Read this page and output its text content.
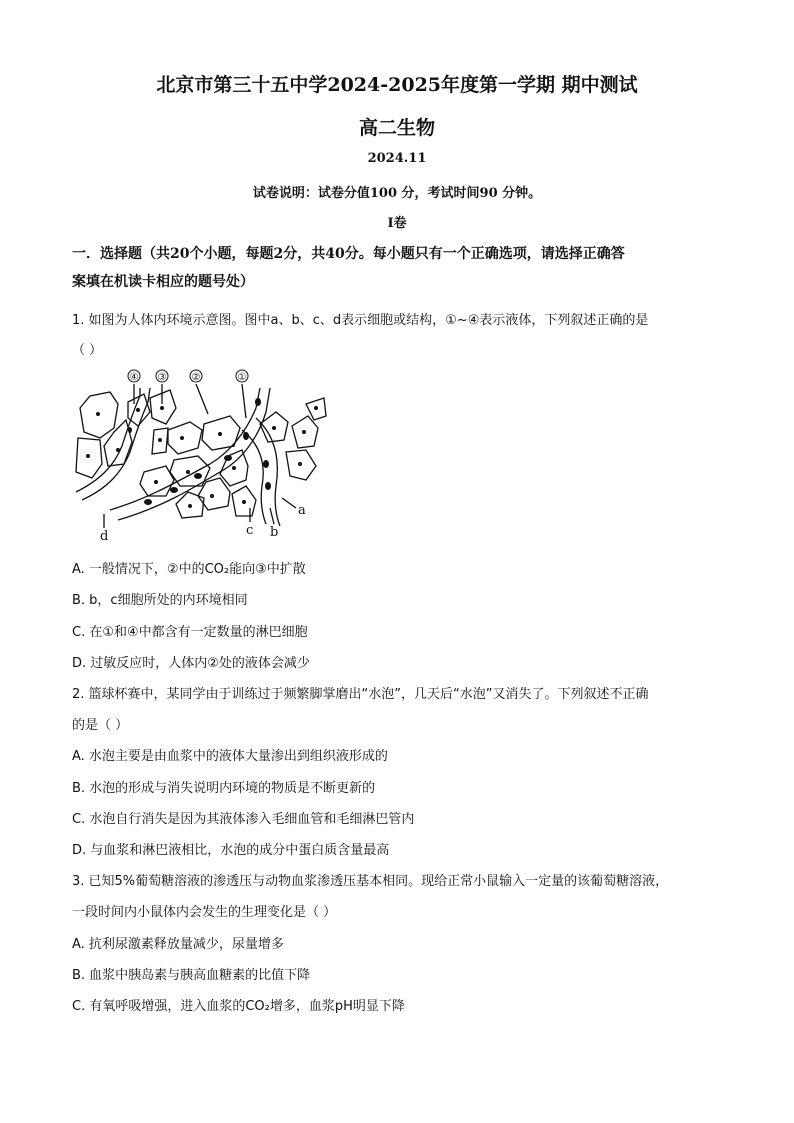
北京市第三十五中学2024-2025年度第一学期 期中测试
高二生物
2024.11
试卷说明：试卷分值100 分，考试时间90 分钟。
I卷
一．选择题（共20个小题，每题2分，共40分。每小题只有一个正确选项，请选择正确答
案填在机读卡相应的题号处）
1. 如图为人体内环境示意图。图中a、b、c、d表示细胞或结构，①~④表示液体，下列叙述正确的是
（ ）
④ ③	②	①
a
b
c
d
A. 一般情况下，②中的CO₂能向③中扩散
B. b，c细胞所处的内环境相同
C. 在①和④中都含有一定数量的淋巴细胞
D. 过敏反应时，人体内②处的液体会减少
2. 篮球杯赛中，某同学由于训练过于频繁脚掌磨出“水泡”，几天后“水泡”又消失了。下列叙述不正确
的是（ ）
A. 水泡主要是由血浆中的液体大量渗出到组织液形成的
B. 水泡的形成与消失说明内环境的物质是不断更新的
C. 水泡自行消失是因为其液体渗入毛细血管和毛细淋巴管内
D. 与血浆和淋巴液相比，水泡的成分中蛋白质含量最高
3. 已知5%葡萄糖溶液的渗透压与动物血浆渗透压基本相同。现给正常小鼠输入一定量的该葡萄糖溶液，
一段时间内小鼠体内会发生的生理变化是（ ）
A. 抗利尿激素释放量减少，尿量增多
B. 血浆中胰岛素与胰高血糖素的比值下降
C. 有氧呼吸增强，进入血浆的CO₂增多，血浆pH明显下降
